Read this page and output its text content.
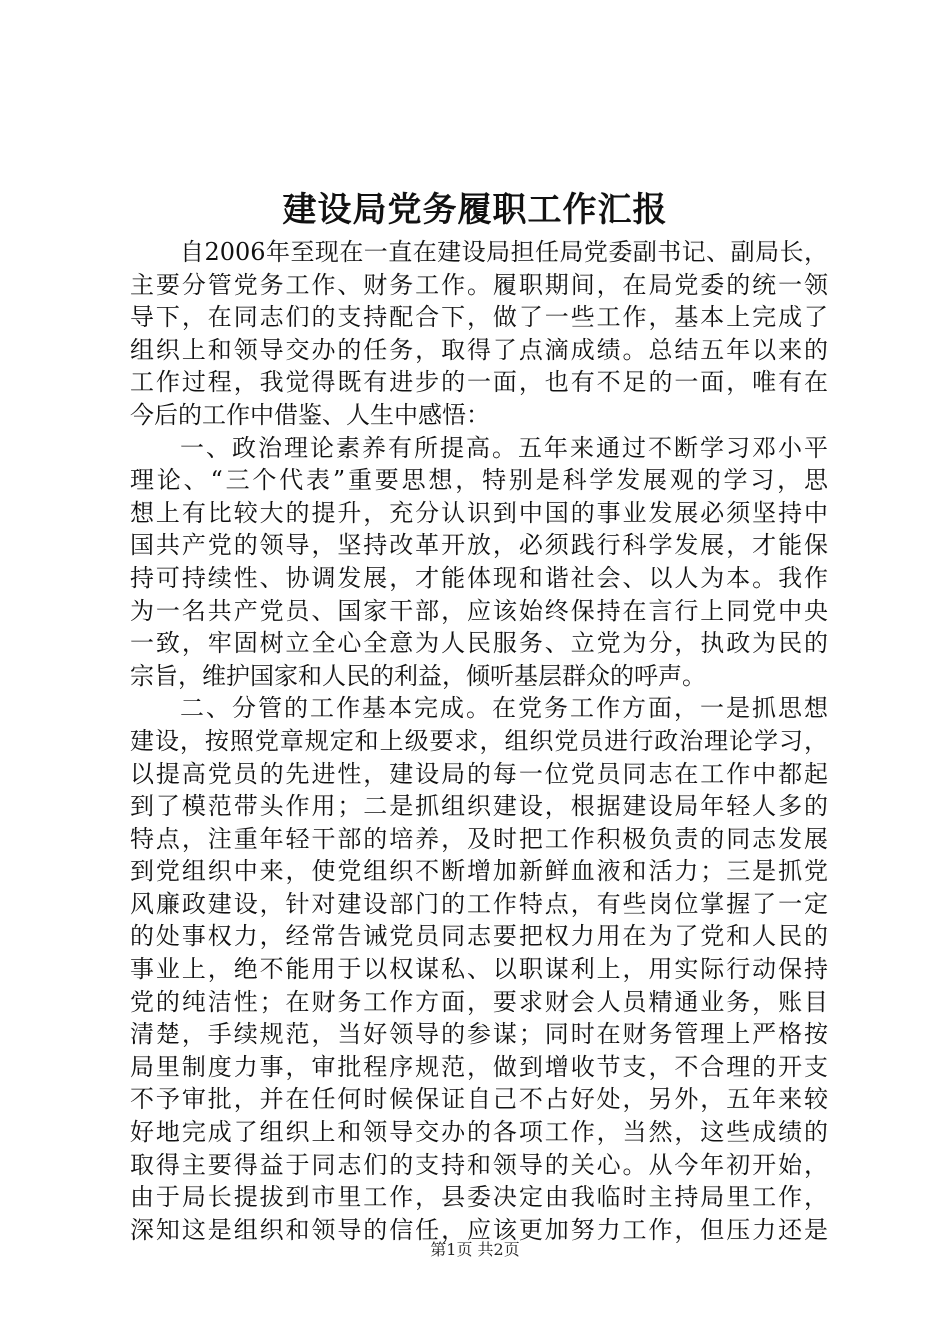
建设局党务履职工作汇报
自2006年至现在一直在建设局担任局党委副书记、副局长，
主要分管党务工作、财务工作。履职期间，在局党委的统一领
导下，在同志们的支持配合下，做了一些工作，基本上完成了
组织上和领导交办的任务，取得了点滴成绩。总结五年以来的
工作过程，我觉得既有进步的一面，也有不足的一面，唯有在
今后的工作中借鉴、人生中感悟：
一、政治理论素养有所提高。五年来通过不断学习邓小平
理论、“三个代表”重要思想，特别是科学发展观的学习，思
想上有比较大的提升，充分认识到中国的事业发展必须坚持中
国共产党的领导，坚持改革开放，必须践行科学发展，才能保
持可持续性、协调发展，才能体现和谐社会、以人为本。我作
为一名共产党员、国家干部，应该始终保持在言行上同党中央
一致，牢固树立全心全意为人民服务、立党为分，执政为民的
宗旨，维护国家和人民的利益，倾听基层群众的呼声。
二、分管的工作基本完成。在党务工作方面，一是抓思想
建设，按照党章规定和上级要求，组织党员进行政治理论学习，
以提高党员的先进性，建设局的每一位党员同志在工作中都起
到了模范带头作用；二是抓组织建设，根据建设局年轻人多的
特点，注重年轻干部的培养，及时把工作积极负责的同志发展
到党组织中来，使党组织不断增加新鲜血液和活力；三是抓党
风廉政建设，针对建设部门的工作特点，有些岗位掌握了一定
的处事权力，经常告诫党员同志要把权力用在为了党和人民的
事业上，绝不能用于以权谋私、以职谋利上，用实际行动保持
党的纯洁性；在财务工作方面，要求财会人员精通业务，账目
清楚，手续规范，当好领导的参谋；同时在财务管理上严格按
局里制度力事，审批程序规范，做到增收节支，不合理的开支
不予审批，并在任何时候保证自己不占好处，另外，五年来较
好地完成了组织上和领导交办的各项工作，当然，这些成绩的
取得主要得益于同志们的支持和领导的关心。从今年初开始，
由于局长提拔到市里工作，县委决定由我临时主持局里工作，
深知这是组织和领导的信任，应该更加努力工作，但压力还是
第1页 共2页
